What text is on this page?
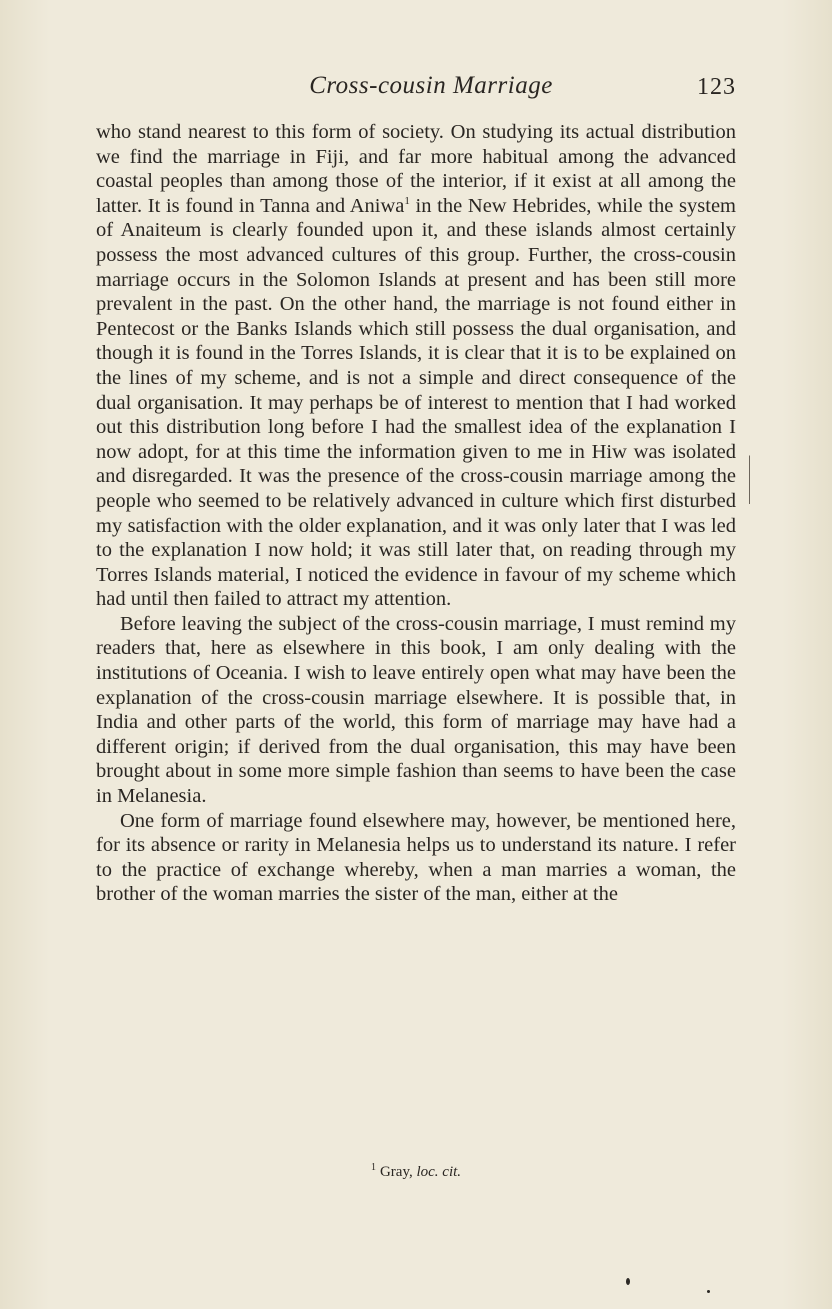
Cross-cousin Marriage	123

who stand nearest to this form of society. On studying its actual distribution we find the marriage in Fiji, and far more habitual among the advanced coastal peoples than among those of the interior, if it exist at all among the latter. It is found in Tanna and Aniwa$^1$ in the New Hebrides, while the system of Anaiteum is clearly founded upon it, and these islands almost certainly possess the most advanced cultures of this group. Further, the cross-cousin marriage occurs in the Solomon Islands at present and has been still more prevalent in the past. On the other hand, the marriage is not found either in Pentecost or the Banks Islands which still possess the dual organisation, and though it is found in the Torres Islands, it is clear that it is to be explained on the lines of my scheme, and is not a simple and direct consequence of the dual organisation. It may perhaps be of interest to mention that I had worked out this distribution long before I had the smallest idea of the explanation I now adopt, for at this time the information given to me in Hiw was isolated and disregarded. It was the presence of the cross-cousin marriage among the people who seemed to be relatively advanced in culture which first disturbed my satisfaction with the older explanation, and it was only later that I was led to the explanation I now hold; it was still later that, on reading through my Torres Islands material, I noticed the evidence in favour of my scheme which had until then failed to attract my attention.

Before leaving the subject of the cross-cousin marriage, I must remind my readers that, here as elsewhere in this book, I am only dealing with the institutions of Oceania. I wish to leave entirely open what may have been the explanation of the cross-cousin marriage elsewhere. It is possible that, in India and other parts of the world, this form of marriage may have had a different origin; if derived from the dual organisation, this may have been brought about in some more simple fashion than seems to have been the case in Melanesia.

One form of marriage found elsewhere may, however, be mentioned here, for its absence or rarity in Melanesia helps us to understand its nature. I refer to the practice of exchange whereby, when a man marries a woman, the brother of the woman marries the sister of the man, either at the

$^1$ Gray, loc. cit.
